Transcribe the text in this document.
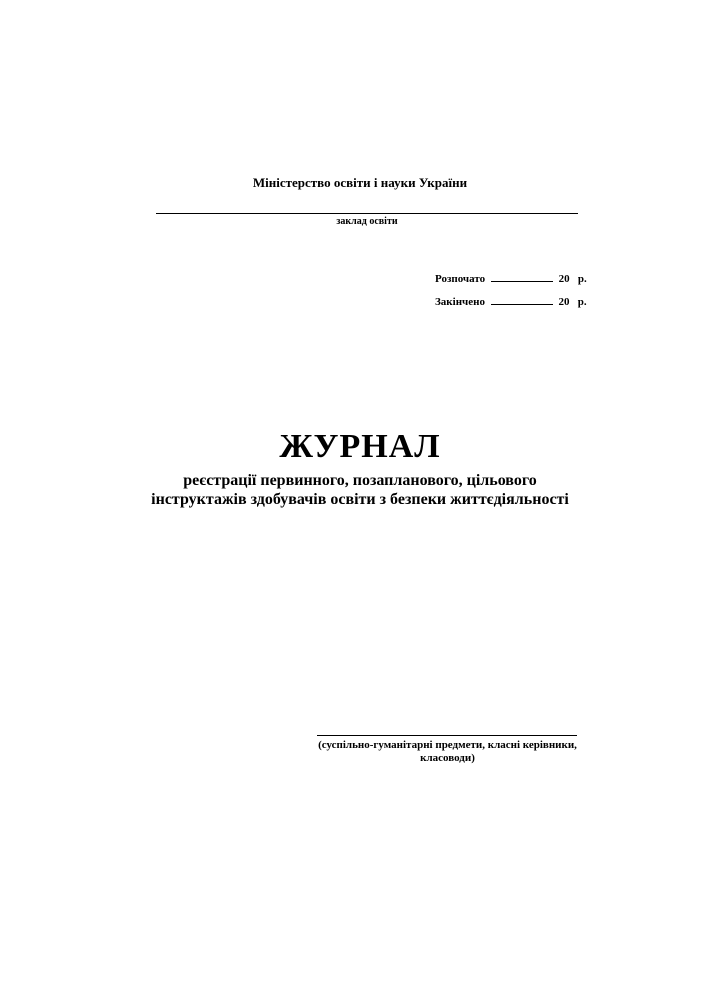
Міністерство освіти і науки України
заклад освіти
Розпочато	20 р.
Закінчено	20 р.
ЖУРНАЛ
реєстрації первинного, позапланового, цільового
інструктажів здобувачів освіти з безпеки життєдіяльності
(суспільно-гуманітарні предмети, класні керівники,
класоводи)
